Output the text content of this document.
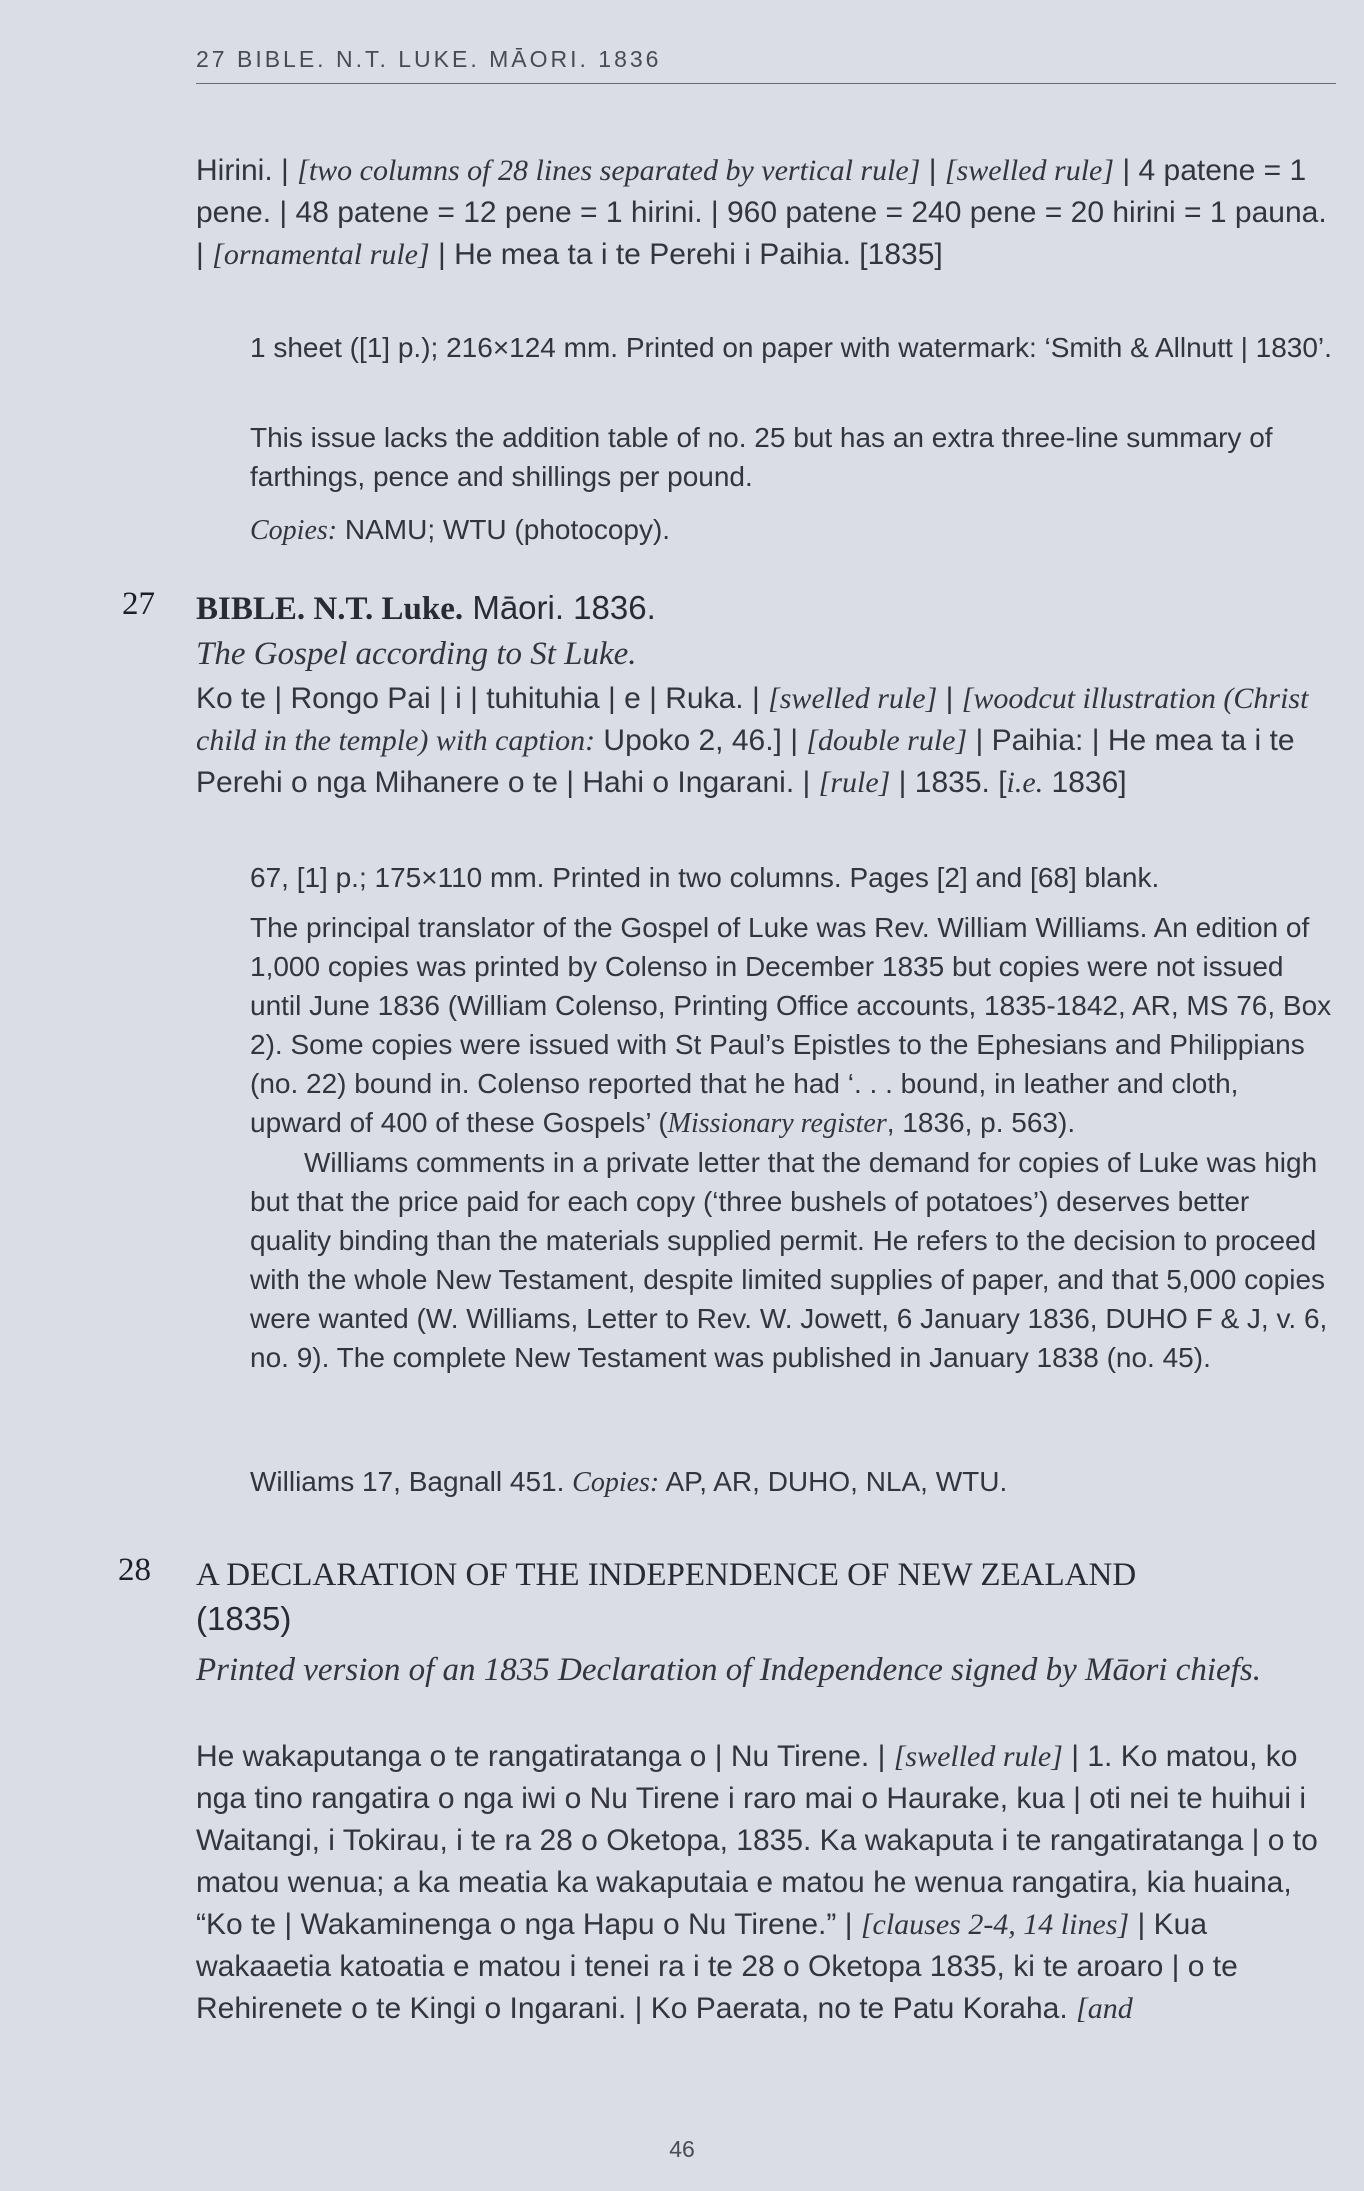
27 BIBLE. N.T. LUKE. MĀORI. 1836
Hirini. | [two columns of 28 lines separated by vertical rule] | [swelled rule] | 4 patene = 1 pene. | 48 patene = 12 pene = 1 hirini. | 960 patene = 240 pene = 20 hirini = 1 pauna. | [ornamental rule] | He mea ta i te Perehi i Paihia. [1835]
1 sheet ([1] p.); 216×124 mm. Printed on paper with watermark: ‘Smith & Allnutt | 1830’.
This issue lacks the addition table of no. 25 but has an extra three-line summary of farthings, pence and shillings per pound.
Copies: NAMU; WTU (photocopy).
27 BIBLE. N.T. Luke. Māori. 1836.
The Gospel according to St Luke.
Ko te | Rongo Pai | i | tuhituhia | e | Ruka. | [swelled rule] | [woodcut illustration (Christ child in the temple) with caption: Upoko 2, 46.] | [double rule] | Paihia: | He mea ta i te Perehi o nga Mihanere o te | Hahi o Ingarani. | [rule] | 1835. [i.e. 1836]
67, [1] p.; 175×110 mm. Printed in two columns. Pages [2] and [68] blank.

The principal translator of the Gospel of Luke was Rev. William Williams. An edition of 1,000 copies was printed by Colenso in December 1835 but copies were not issued until June 1836 (William Colenso, Printing Office accounts, 1835-1842, AR, MS 76, Box 2). Some copies were issued with St Paul’s Epistles to the Ephesians and Philippians (no. 22) bound in. Colenso reported that he had ‘. . . bound, in leather and cloth, upward of 400 of these Gospels’ (Missionary register, 1836, p. 563).

Williams comments in a private letter that the demand for copies of Luke was high but that the price paid for each copy (‘three bushels of potatoes’) deserves better quality binding than the materials supplied permit. He refers to the decision to proceed with the whole New Testament, despite limited supplies of paper, and that 5,000 copies were wanted (W. Williams, Letter to Rev. W. Jowett, 6 January 1836, DUHO F & J, v. 6, no. 9). The complete New Testament was published in January 1838 (no. 45).

Williams 17, Bagnall 451. Copies: AP, AR, DUHO, NLA, WTU.
28 A DECLARATION OF THE INDEPENDENCE OF NEW ZEALAND
(1835)
Printed version of an 1835 Declaration of Independence signed by Māori chiefs.
He wakaputanga o te rangatiratanga o | Nu Tirene. | [swelled rule] | 1. Ko matou, ko nga tino rangatira o nga iwi o Nu Tirene i raro mai o Haurake, kua | oti nei te huihui i Waitangi, i Tokirau, i te ra 28 o Oketopa, 1835. Ka wakaputa i te rangatiratanga | o to matou wenua; a ka meatia ka wakaputaia e matou he wenua rangatira, kia huaina, “Ko te | Wakaminenga o nga Hapu o Nu Tirene.” | [clauses 2-4, 14 lines] | Kua wakaaetia katoatia e matou i tenei ra i te 28 o Oketopa 1835, ki te aroaro | o te Rehirenete o te Kingi o Ingarani. | Ko Paerata, no te Patu Koraha. [and
46
